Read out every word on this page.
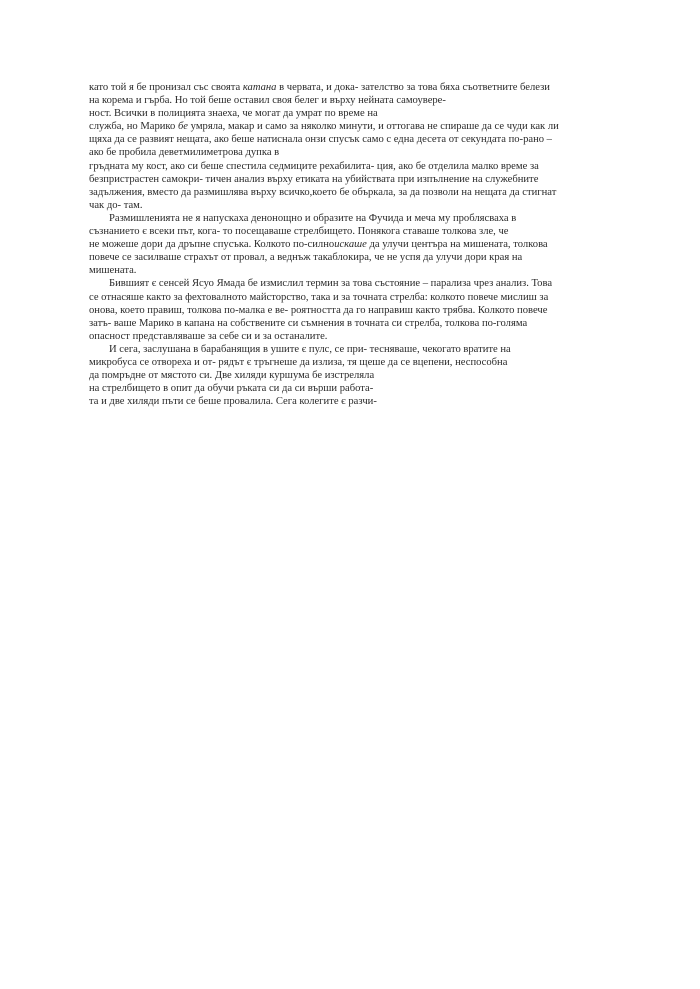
като той я бе пронизал със своята катана в червата, и дока- зателство за това бяха съответните белези
на корема и гърба. Но той беше оставил своя белег и върху нейната самоувере-
ност. Всички в полицията знаеха, че могат да умрат по време на
служба, но Марико бе умряла, макар и само за няколко минути, и оттогава не спираше да се чуди как ли
щяха да се развият нещата, ако беше натиснала онзи спусък само с една десета от секундата по-рано –
ако бе пробила деветмилиметрова дупка в
гръдната му кост, ако си беше спестила седмиците рехабилита- ция, ако бе отделила малко време за
безпристрастен самокри- тичен анализ върху етиката на убийствата при изпълнение на служебните
задължения, вместо да размишлява върху всичко,което бе объркала, за да позволи на нещата да стигнат
чак до- там.
Размишленията не я напускаха денонощно и образите на Фучида и меча му проблясваха в
съзнанието є всеки път, кога- то посещаваше стрелбището. Понякога ставаше толкова зле, че
не можеше дори да дръпне спусъка. Колкото по-силноискаше да улучи центъра на мишената, толкова
повече се засилваше страхът от провал, а веднъж такаблокира, че не успя да улучи дори края на
мишената.
Бившият є сенсей Ясуо Ямада бе измислил термин за това състояние – парализа чрез анализ. Това
се отнасяше както за фехтовалното майсторство, така и за точната стрелба: колкото повече мислиш за
онова, което правиш, толкова по-малка е ве- роятността да го направиш както трябва. Колкото повече
затъ- ваше Марико в капана на собствените си съмнения в точната си стрелба, толкова по-голяма
опасност представляваше за себе си и за останалите.
И сега, заслушана в барабанящия в ушите є пулс, се при- тесняваше, чекогато вратите на
микробуса се отвореха и от- рядът є тръгнеше да излиза, тя щеше да се вцепени, неспособна
да помръдне от мястото си. Две хиляди куршума бе изстреляла
на стрелбището в опит да обучи ръката си да си върши работа-
та и две хиляди пъти се беше провалила. Сега колегите є разчи-
